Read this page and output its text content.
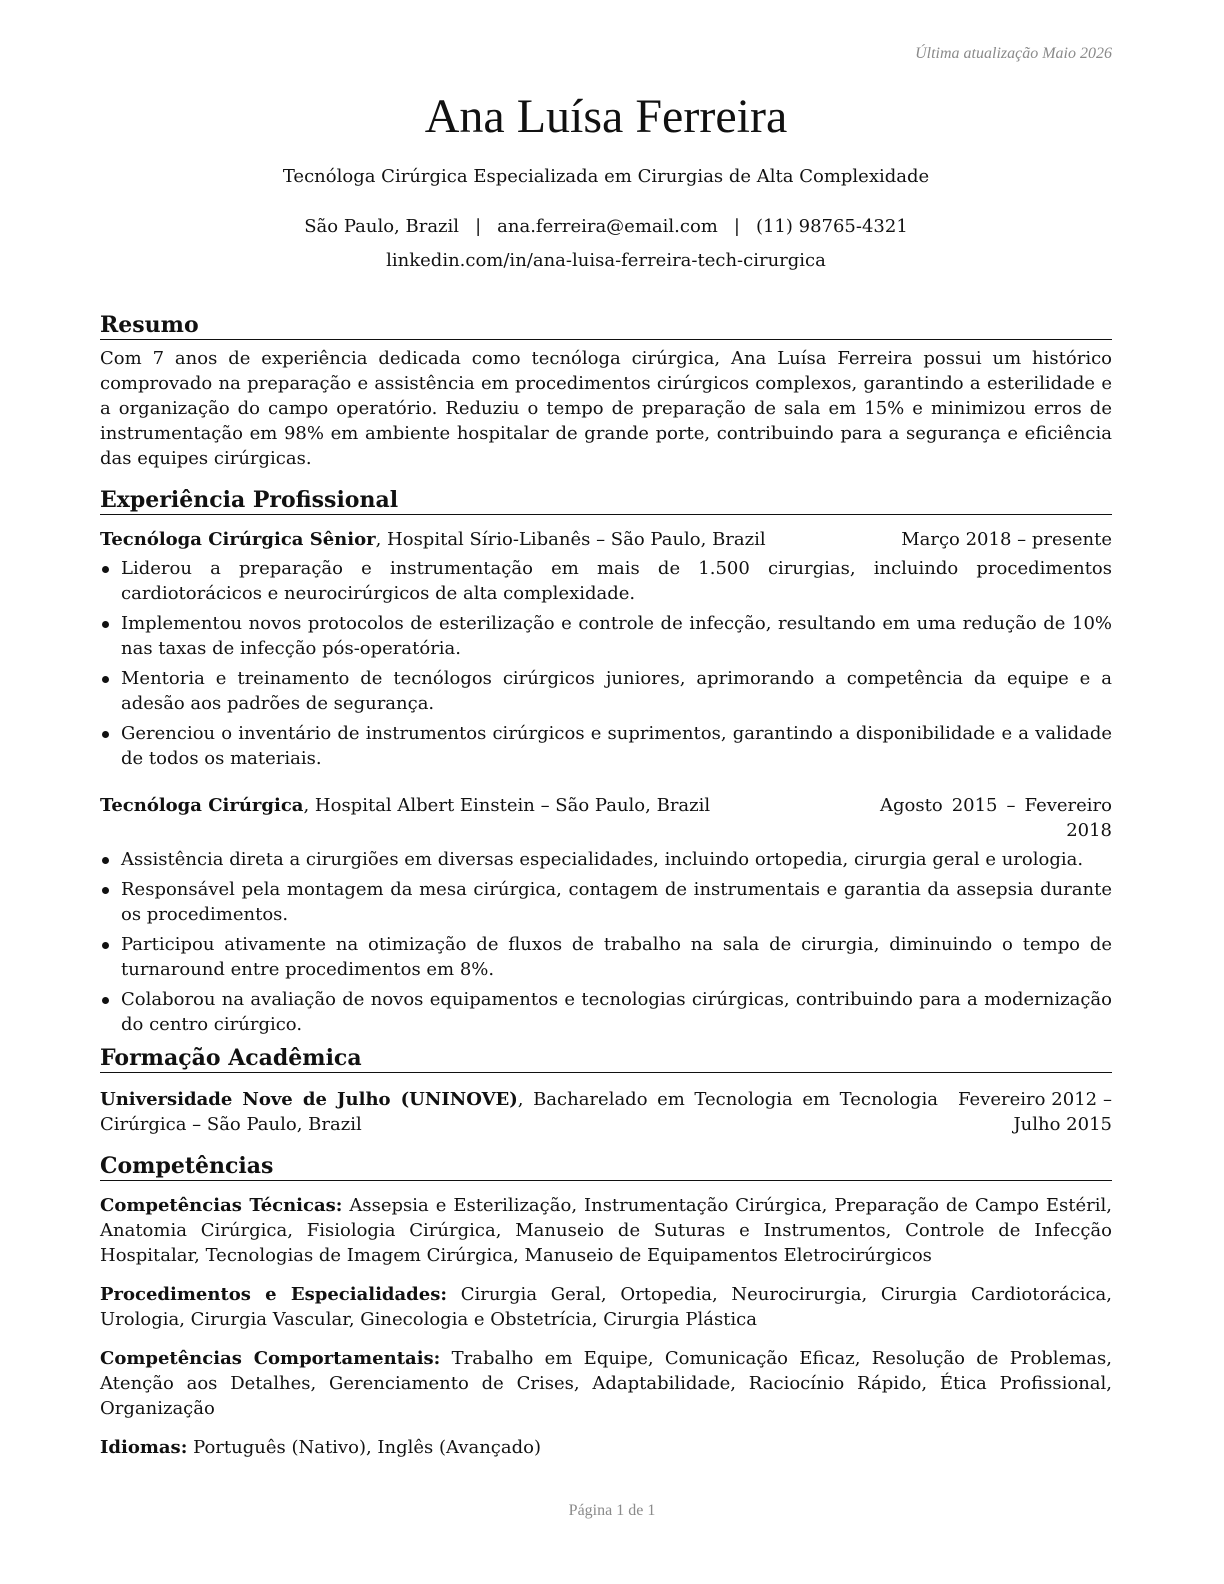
Última atualização Maio 2026
Ana Luísa Ferreira
Tecnóloga Cirúrgica Especializada em Cirurgias de Alta Complexidade
São Paulo, Brazil | ana.ferreira@email.com | (11) 98765-4321
linkedin.com/in/ana-luisa-ferreira-tech-cirurgica
Resumo

Com 7 anos de experiência dedicada como tecnóloga cirúrgica, Ana Luísa Ferreira possui um histórico comprovado na preparação e assistência em procedimentos cirúrgicos complexos, garantindo a esterilidade e a organização do campo operatório. Reduziu o tempo de preparação de sala em 15% e minimizou erros de instrumentação em 98% em ambiente hospitalar de grande porte, contribuindo para a segurança e eficiência das equipes cirúrgicas.

Experiência Profissional
Tecnóloga Cirúrgica Sênior, Hospital Sírio-Libanês – São Paulo, Brazil	Março 2018 – presente
Liderou a preparação e instrumentação em mais de 1.500 cirurgias, incluindo procedimentos cardiotorácicos e neurocirúrgicos de alta complexidade.
Implementou novos protocolos de esterilização e controle de infecção, resultando em uma redução de 10% nas taxas de infecção pós-operatória.
Mentoria e treinamento de tecnólogos cirúrgicos juniores, aprimorando a competência da equipe e a adesão aos padrões de segurança.
Gerenciou o inventário de instrumentos cirúrgicos e suprimentos, garantindo a disponibilidade e a validade de todos os materiais.
Tecnóloga Cirúrgica, Hospital Albert Einstein – São Paulo, Brazil	Agosto 2015 – Fevereiro 2018
Assistência direta a cirurgiões em diversas especialidades, incluindo ortopedia, cirurgia geral e urologia.
Responsável pela montagem da mesa cirúrgica, contagem de instrumentais e garantia da assepsia durante os procedimentos.
Participou ativamente na otimização de fluxos de trabalho na sala de cirurgia, diminuindo o tempo de turnaround entre procedimentos em 8%.
Colaborou na avaliação de novos equipamentos e tecnologias cirúrgicas, contribuindo para a modernização do centro cirúrgico.
Formação Acadêmica
Universidade Nove de Julho (UNINOVE), Bacharelado em Tecnologia em Tecnologia Cirúrgica – São Paulo, Brazil
Fevereiro 2012 – Julho 2015
Competências

Competências Técnicas: Assepsia e Esterilização, Instrumentação Cirúrgica, Preparação de Campo Estéril, Anatomia Cirúrgica, Fisiologia Cirúrgica, Manuseio de Suturas e Instrumentos, Controle de Infecção Hospitalar, Tecnologias de Imagem Cirúrgica, Manuseio de Equipamentos Eletrocirúrgicos

Procedimentos e Especialidades: Cirurgia Geral, Ortopedia, Neurocirurgia, Cirurgia Cardiotorácica, Urologia, Cirurgia Vascular, Ginecologia e Obstetrícia, Cirurgia Plástica

Competências Comportamentais: Trabalho em Equipe, Comunicação Eficaz, Resolução de Problemas, Atenção aos Detalhes, Gerenciamento de Crises, Adaptabilidade, Raciocínio Rápido, Ética Profissional, Organização

Idiomas: Português (Nativo), Inglês (Avançado)

Página 1 de 1
